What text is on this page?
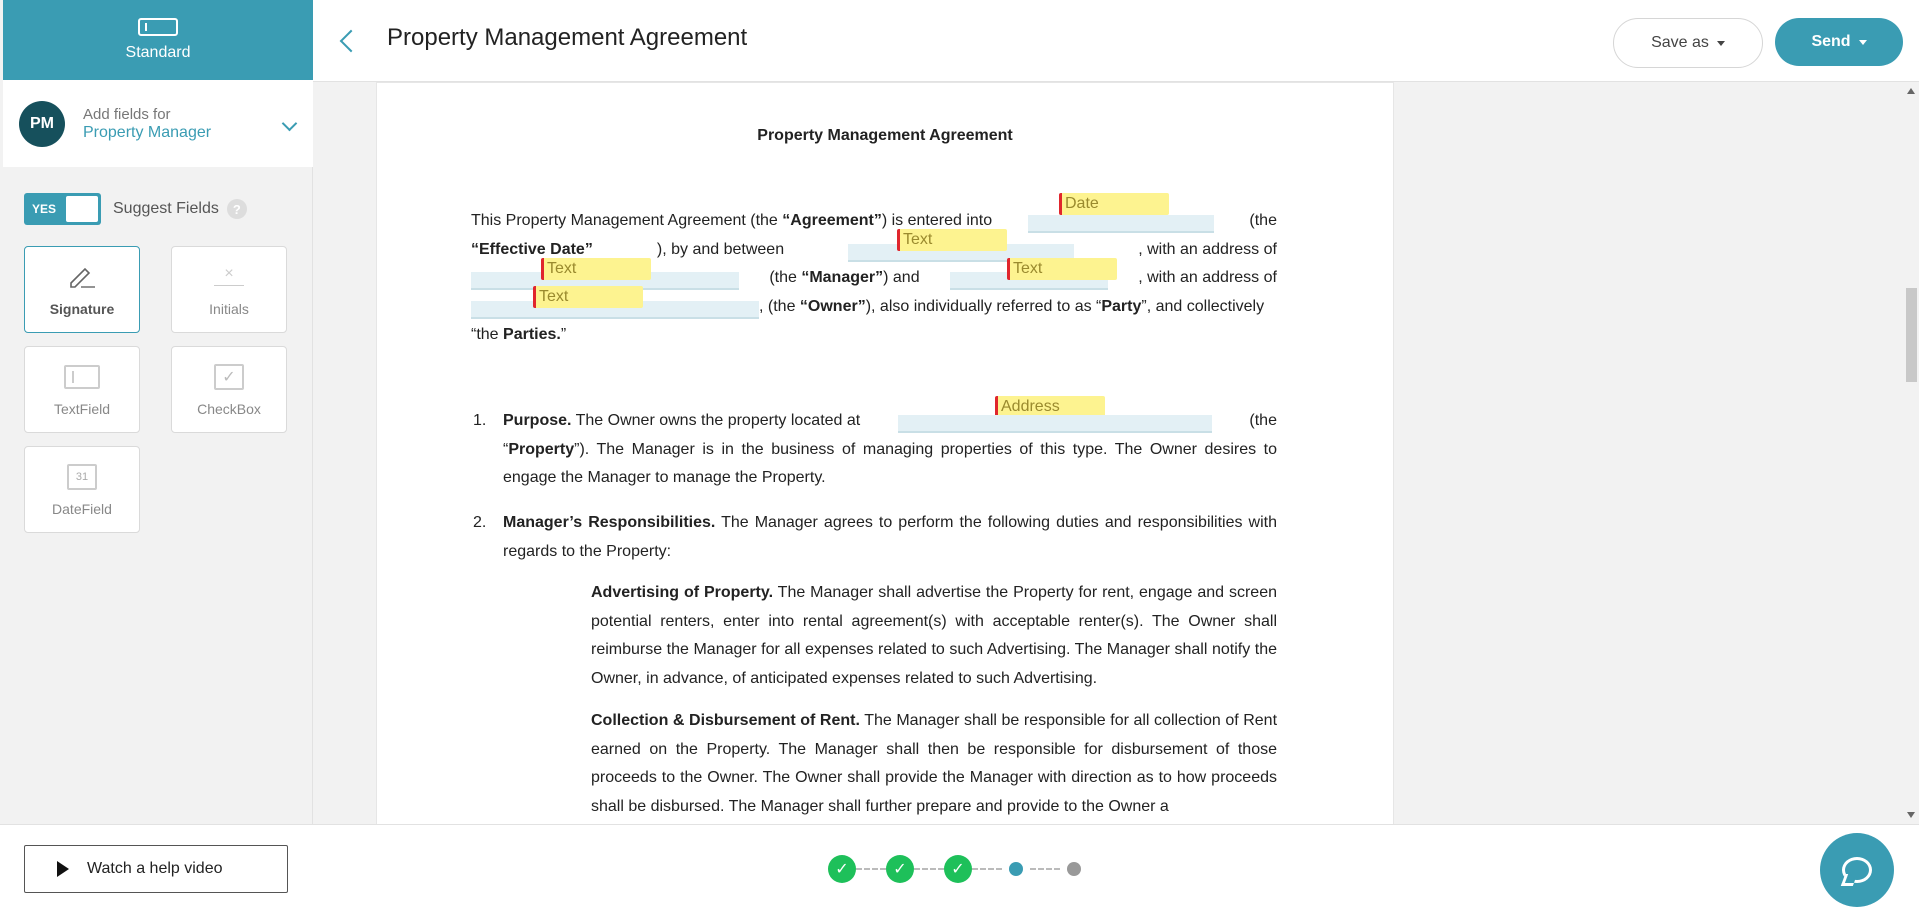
Standard
PM
Add fields for
Property Manager
YES	Suggest Fields	?
Signature
×
Initials
TextField
✓
CheckBox
31
DateField
Property Management Agreement	Save as	Send
Property Management Agreement
This Property Management Agreement (the “Agreement”) is entered into	(the
“Effective Date”	), by and between	, with an address of
(the “Manager”) and	, with an address of
, (the “Owner”), also individually referred to as “Party”, and collectively
“the Parties.”
Date
Text
Text	Text
Text
Address
1. Purpose. The Owner owns the property located at	(the
“Property”). The Manager is in the business of managing properties of this type. The Owner desires to engage the Manager to manage the Property.
2. Manager’s Responsibilities. The Manager agrees to perform the following duties and responsibilities with regards to the Property:
Advertising of Property. The Manager shall advertise the Property for rent, engage and screen potential renters, enter into rental agreement(s) with acceptable renter(s). The Owner shall reimburse the Manager for all expenses related to such Advertising. The Manager shall notify the Owner, in advance, of anticipated expenses related to such Advertising.
Collection & Disbursement of Rent. The Manager shall be responsible for all collection of Rent earned on the Property. The Manager shall then be responsible for disbursement of those proceeds to the Owner. The Owner shall provide the Manager with direction as to how proceeds shall be disbursed. The Manager shall further prepare and provide to the Owner a
Watch a help video	✓	✓	✓
